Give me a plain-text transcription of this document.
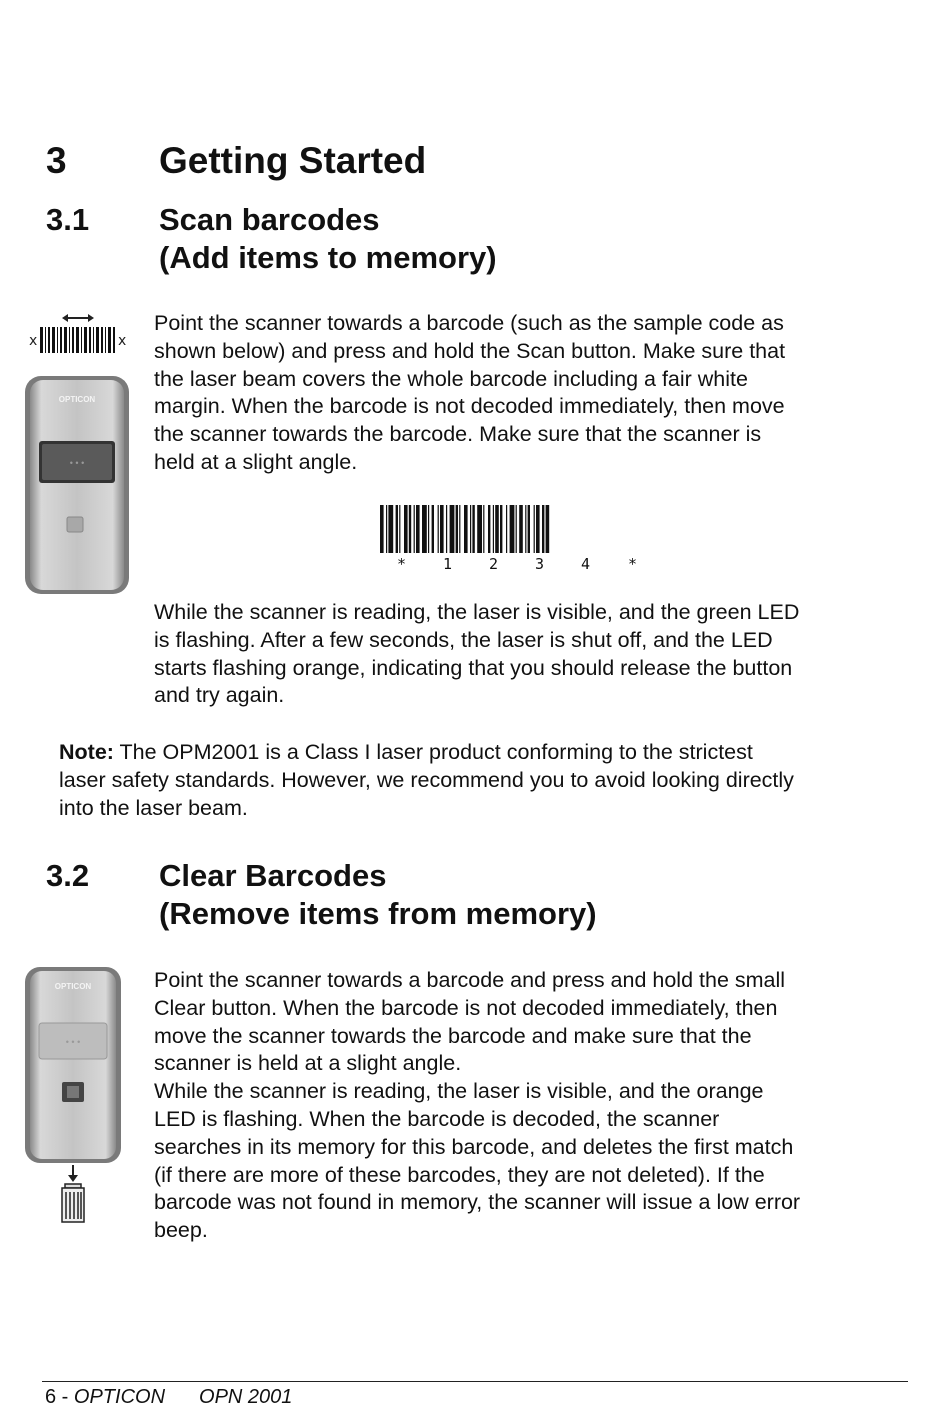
3 Getting Started
3.1 Scan barcodes
(Add items to memory)
x	x
OPTICON
• • •
Point the scanner towards a barcode (such as the sample code as
shown below) and press and hold the Scan button. Make sure that
the laser beam covers the whole barcode including a fair white
margin. When the barcode is not decoded immediately, then move
the scanner towards the barcode. Make sure that the scanner is
held at a slight angle.
* 1 2 3 4	*
While the scanner is reading, the laser is visible, and the green LED
is flashing. After a few seconds, the laser is shut off, and the LED
starts flashing orange, indicating that you should release the button
and try again.
Note: The OPM2001 is a Class I laser product conforming to the strictest
laser safety standards. However, we recommend you to avoid looking directly
into the laser beam.
3.2 Clear Barcodes
(Remove items from memory)
OPTICON
• • •
Point the scanner towards a barcode and press and hold the small
Clear button. When the barcode is not decoded immediately, then
move the scanner towards the barcode and make sure that the
scanner is held at a slight angle.
While the scanner is reading, the laser is visible, and the orange
LED is flashing. When the barcode is decoded, the scanner
searches in its memory for this barcode, and deletes the first match
(if there are more of these barcodes, they are not deleted). If the
barcode was not found in memory, the scanner will issue a low error
beep.
6 - OPTICON OPN 2001
